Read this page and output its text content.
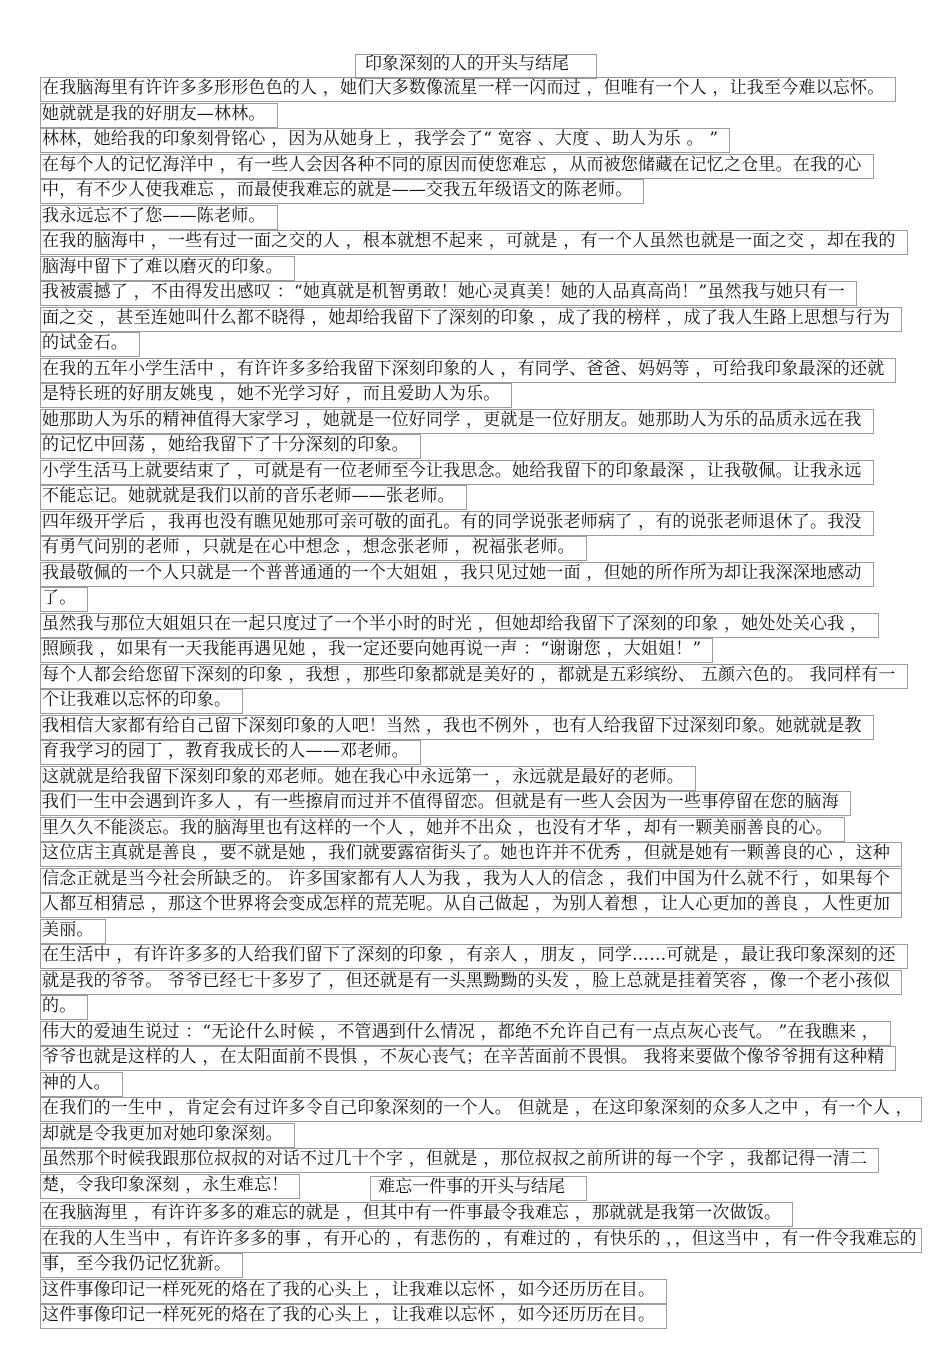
印象深刻的人的开头与结尾
在我脑海里有许许多多形形色色的人 ，她们大多数像流星一样一闪而过 ，但唯有一个人 ，让我至今难以忘怀。
她就就是我的好朋友—林林。
林林，她给我的印象刻骨铭心 ，因为从她身上 ，我学会了“ 宽容 、大度 、助人为乐 。 ”
在每个人的记忆海洋中 ，有一些人会因各种不同的原因而使您难忘 ，从而被您储藏在记忆之仓里。在我的心
中，有不少人使我难忘 ，而最使我难忘的就是——交我五年级语文的陈老师。
我永远忘不了您——陈老师。
在我的脑海中 ，一些有过一面之交的人 ，根本就想不起来 ，可就是 ，有一个人虽然也就是一面之交 ，却在我的
脑海中留下了难以磨灭的印象。
我被震撼了 ，不由得发出感叹 ：“她真就是机智勇敢！她心灵真美！她的人品真高尚！”虽然我与她只有一
面之交 ，甚至连她叫什么都不晓得 ，她却给我留下了深刻的印象 ，成了我的榜样 ，成了我人生路上思想与行为
的试金石。
在我的五年小学生活中 ，有许许多多给我留下深刻印象的人 ，有同学、爸爸、妈妈等 ，可给我印象最深的还就
是特长班的好朋友姚曳 ，她不光学习好 ，而且爱助人为乐。
她那助人为乐的精神值得大家学习 ，她就是一位好同学 ，更就是一位好朋友。她那助人为乐的品质永远在我
的记忆中回荡 ，她给我留下了十分深刻的印象。
小学生活马上就要结束了 ，可就是有一位老师至今让我思念。她给我留下的印象最深 ，让我敬佩。让我永远
不能忘记。她就就是我们以前的音乐老师——张老师。
四年级开学后 ，我再也没有瞧见她那可亲可敬的面孔。有的同学说张老师病了 ，有的说张老师退休了。我没
有勇气问别的老师 ，只就是在心中想念 ，想念张老师 ，祝福张老师。
我最敬佩的一个人只就是一个普普通通的一个大姐姐 ，我只见过她一面 ，但她的所作所为却让我深深地感动
了。
虽然我与那位大姐姐只在一起只度过了一个半小时的时光 ，但她却给我留下了深刻的印象 ，她处处关心我 ，
照顾我 ，如果有一天我能再遇见她 ，我一定还要向她再说一声 ：“谢谢您 ，大姐姐！”
每个人都会给您留下深刻的印象 ，我想 ，那些印象都就是美好的 ，都就是五彩缤纷、 五颜六色的。 我同样有一
个让我难以忘怀的印象。
我相信大家都有给自己留下深刻印象的人吧！当然 ，我也不例外 ，也有人给我留下过深刻印象。她就就是教
育我学习的园丁 ，教育我成长的人——邓老师。
这就就是给我留下深刻印象的邓老师。她在我心中永远第一 ，永远就是最好的老师。
我们一生中会遇到许多人 ，有一些擦肩而过并不值得留恋。但就是有一些人会因为一些事停留在您的脑海
里久久不能淡忘。我的脑海里也有这样的一个人 ，她并不出众 ，也没有才华 ，却有一颗美丽善良的心。
这位店主真就是善良 ，要不就是她 ，我们就要露宿街头了。她也许并不优秀 ，但就是她有一颗善良的心 ，这种
信念正就是当今社会所缺乏的。 许多国家都有人人为我 ，我为人人的信念 ，我们中国为什么就不行 ，如果每个
人都互相猜忌 ，那这个世界将会变成怎样的荒芜呢。从自己做起 ，为别人着想 ，让人心更加的善良 ，人性更加
美丽。
在生活中 ，有许许多多的人给我们留下了深刻的印象 ，有亲人 ，朋友 ，同学……可就是 ，最让我印象深刻的还
就是我的爷爷。 爷爷已经七十多岁了 ，但还就是有一头黑黝黝的头发 ，脸上总就是挂着笑容 ，像一个老小孩似
的。
伟大的爱迪生说过 ：“无论什么时候 ，不管遇到什么情况 ，都绝不允许自己有一点点灰心丧气。 ”在我瞧来 ，
爷爷也就是这样的人 ，在太阳面前不畏惧 ，不灰心丧气；在辛苦面前不畏惧。 我将来要做个像爷爷拥有这种精
神的人。
在我们的一生中 ，肯定会有过许多令自己印象深刻的一个人。 但就是 ，在这印象深刻的众多人之中 ，有一个人 ，
却就是令我更加对她印象深刻。
虽然那个时候我跟那位叔叔的对话不过几十个字 ，但就是 ，那位叔叔之前所讲的每一个字 ，我都记得一清二
楚，令我印象深刻 ，永生难忘！	难忘一件事的开头与结尾
在我脑海里 ，有许许多多的难忘的就是 ，但其中有一件事最令我难忘 ，那就就是我第一次做饭。
在我的人生当中 ，有许许多多的事 ，有开心的 ，有悲伤的 ，有难过的 ，有快乐的 ，，但这当中 ，有一件令我难忘的
事，至今我仍记忆犹新。
这件事像印记一样死死的烙在了我的心头上 ，让我难以忘怀 ，如今还历历在目。
这件事像印记一样死死的烙在了我的心头上 ，让我难以忘怀 ，如今还历历在目。
